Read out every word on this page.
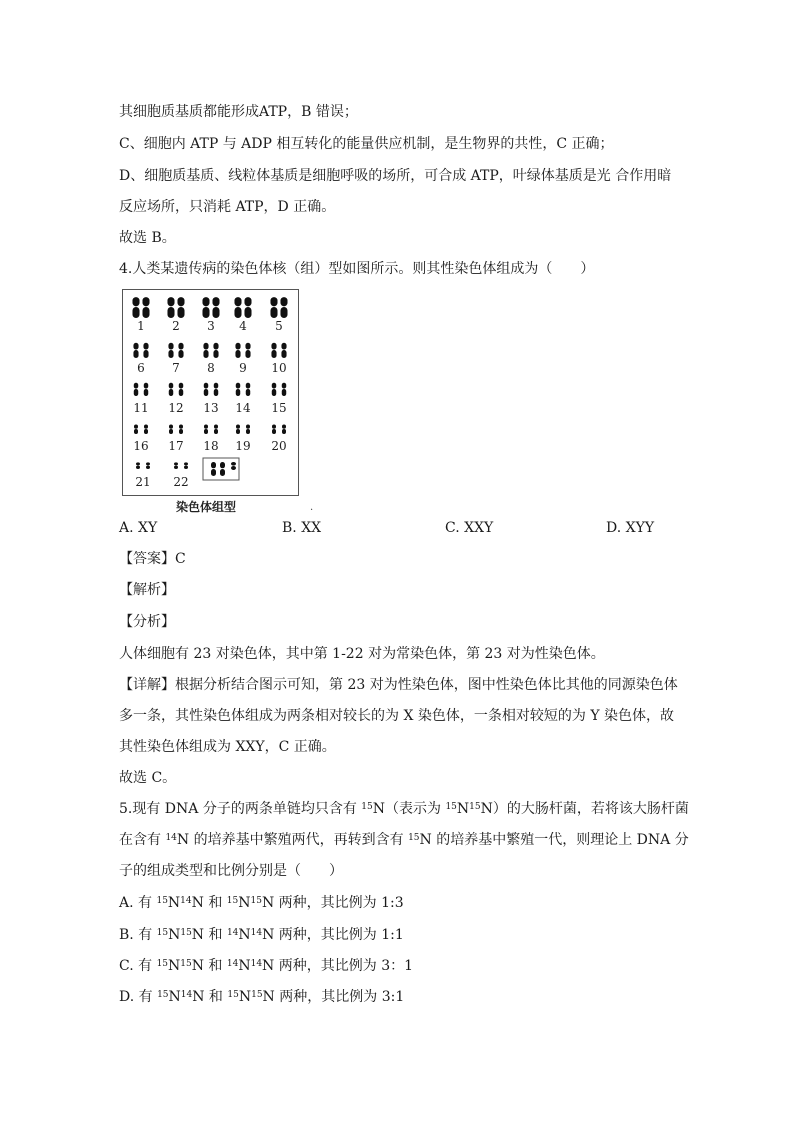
其细胞质基质都能形成ATP，B 错误；
C、细胞内 ATP 与 ADP 相互转化的能量供应机制，是生物界的共性，C 正确；
D、细胞质基质、线粒体基质是细胞呼吸的场所，可合成 ATP，叶绿体基质是光 合作用暗
反应场所，只消耗 ATP，D 正确。
故选 B。
4.人类某遗传病的染色体核（组）型如图所示。则其性染色体组成为（　　）
1 2 3 4 5
6 7 8 9 10
11 12 13 14 15
16 17 18 19 20
21 22
染色体组型	.
A. XY	B. XX	C. XXY	D. XYY
【答案】C
【解析】
【分析】
人体细胞有 23 对染色体，其中第 1-22 对为常染色体，第 23 对为性染色体。
【详解】根据分析结合图示可知，第 23 对为性染色体，图中性染色体比其他的同源染色体
多一条，其性染色体组成为两条相对较长的为 X 染色体，一条相对较短的为 Y 染色体，故
其性染色体组成为 XXY，C 正确。
故选 C。
5.现有 DNA 分子的两条单链均只含有 $^{15}$N（表示为 $^{15}N^{15}N$）的大肠杆菌，若将该大肠杆菌
在含有 $^{14}$N 的培养基中繁殖两代，再转到含有 $^{15}$N 的培养基中繁殖一代，则理论上 DNA 分
子的组成类型和比例分别是（　　）
A. 有 $^{15}N^{14}N$ 和 $^{15}N^{15}N$ 两种，其比例为 1:3
B. 有 $^{15}N^{15}N$ 和 $^{14}N^{14}N$ 两种，其比例为 1:1
C. 有 $^{15}N^{15}N$ 和 $^{14}N^{14}N$ 两种，其比例为 3：1
D. 有 $^{15}N^{14}N$ 和 $^{15}N^{15}N$ 两种，其比例为 3:1
